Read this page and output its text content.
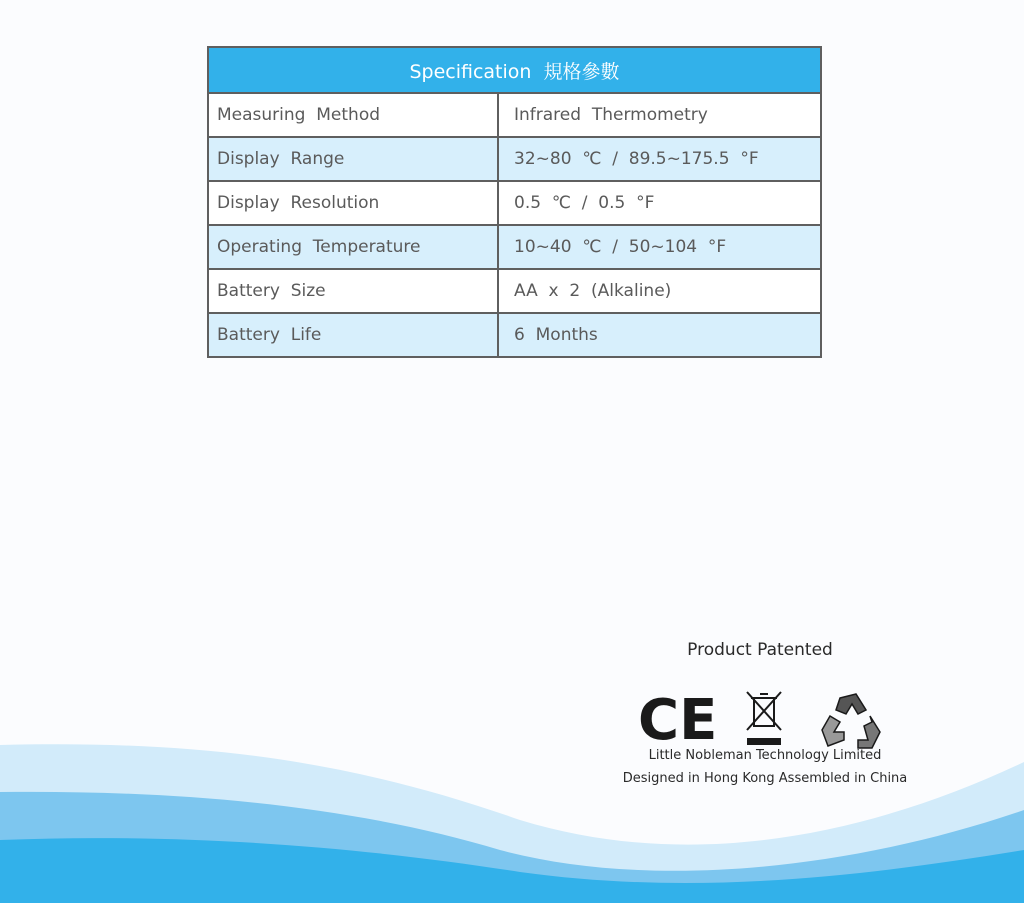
Specification  規格參數	
Measuring  Method	Infrared  Thermometry
Display  Range	32~80  ℃  /  89.5~175.5  °F
Display  Resolution	0.5  ℃  /  0.5  °F
Operating  Temperature	10~40  ℃  /  50~104  °F
Battery  Size	AA  x  2  (Alkaline)
Battery  Life	6  Months
Product Patented
CE
Little Nobleman Technology Limited
Designed in Hong Kong Assembled in China
